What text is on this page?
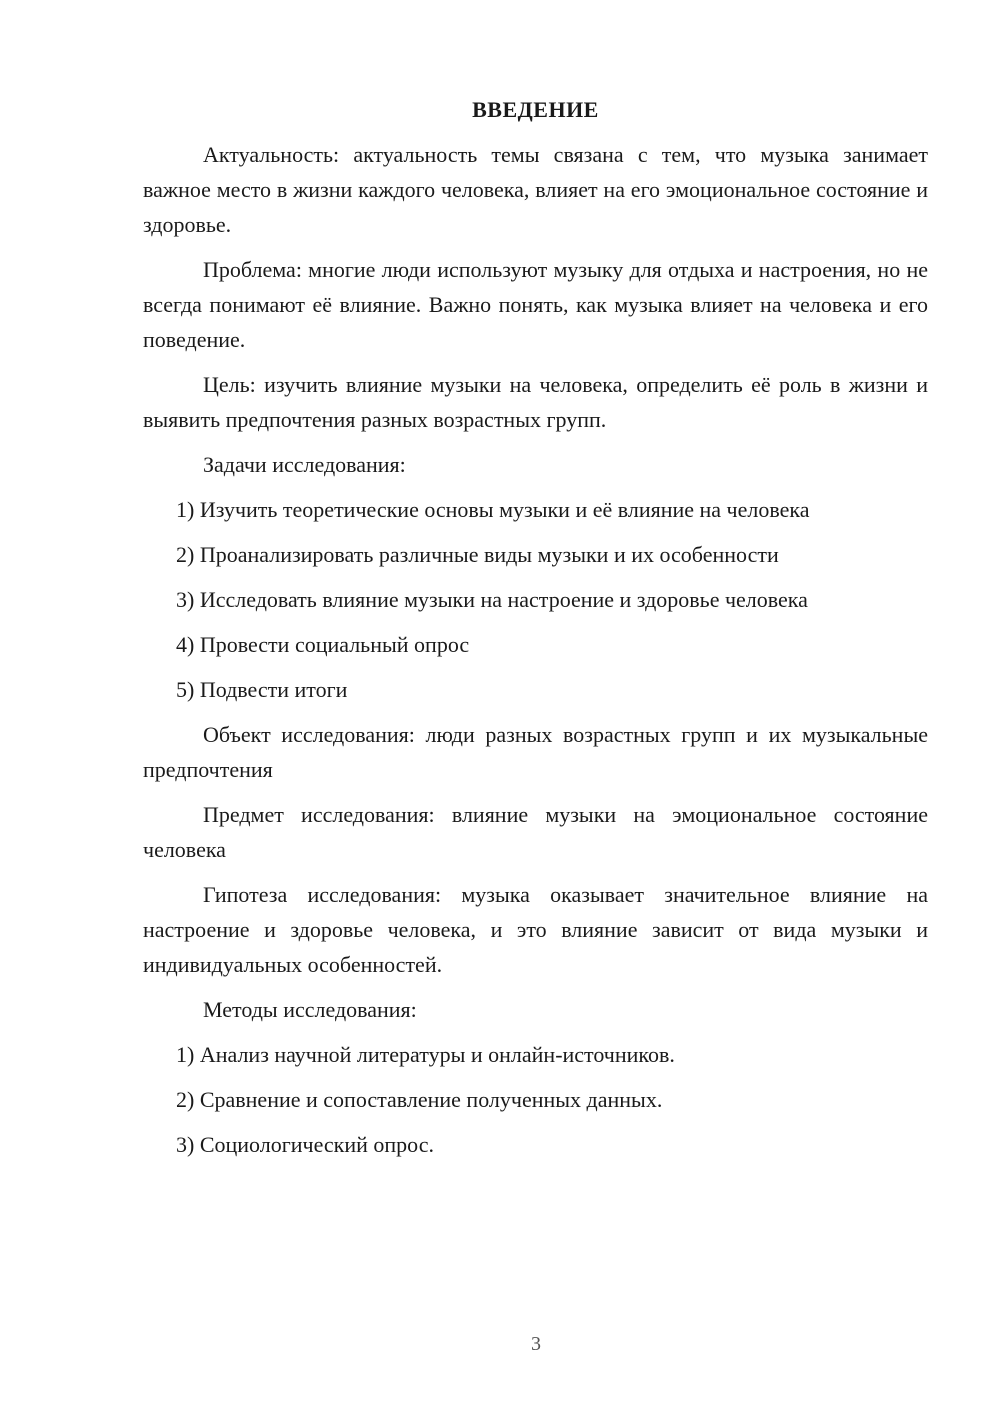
ВВЕДЕНИЕ

Актуальность: актуальность темы связана с тем, что музыка занимает важное место в жизни каждого человека, влияет на его эмоциональное состояние и здоровье.

Проблема: многие люди используют музыку для отдыха и настроения, но не всегда понимают её влияние. Важно понять, как музыка влияет на человека и его поведение.

Цель: изучить влияние музыки на человека, определить её роль в жизни и выявить предпочтения разных возрастных групп.

Задачи исследования:

1) Изучить теоретические основы музыки и её влияние на человека

2) Проанализировать различные виды музыки и их особенности

3) Исследовать влияние музыки на настроение и здоровье человека

4) Провести социальный опрос

5) Подвести итоги

Объект исследования: люди разных возрастных групп и их музыкальные предпочтения

Предмет исследования: влияние музыки на эмоциональное состояние человека

Гипотеза исследования: музыка оказывает значительное влияние на настроение и здоровье человека, и это влияние зависит от вида музыки и индивидуальных особенностей.

Методы исследования:

1) Анализ научной литературы и онлайн-источников.

2) Сравнение и сопоставление полученных данных.

3) Социологический опрос.

3
